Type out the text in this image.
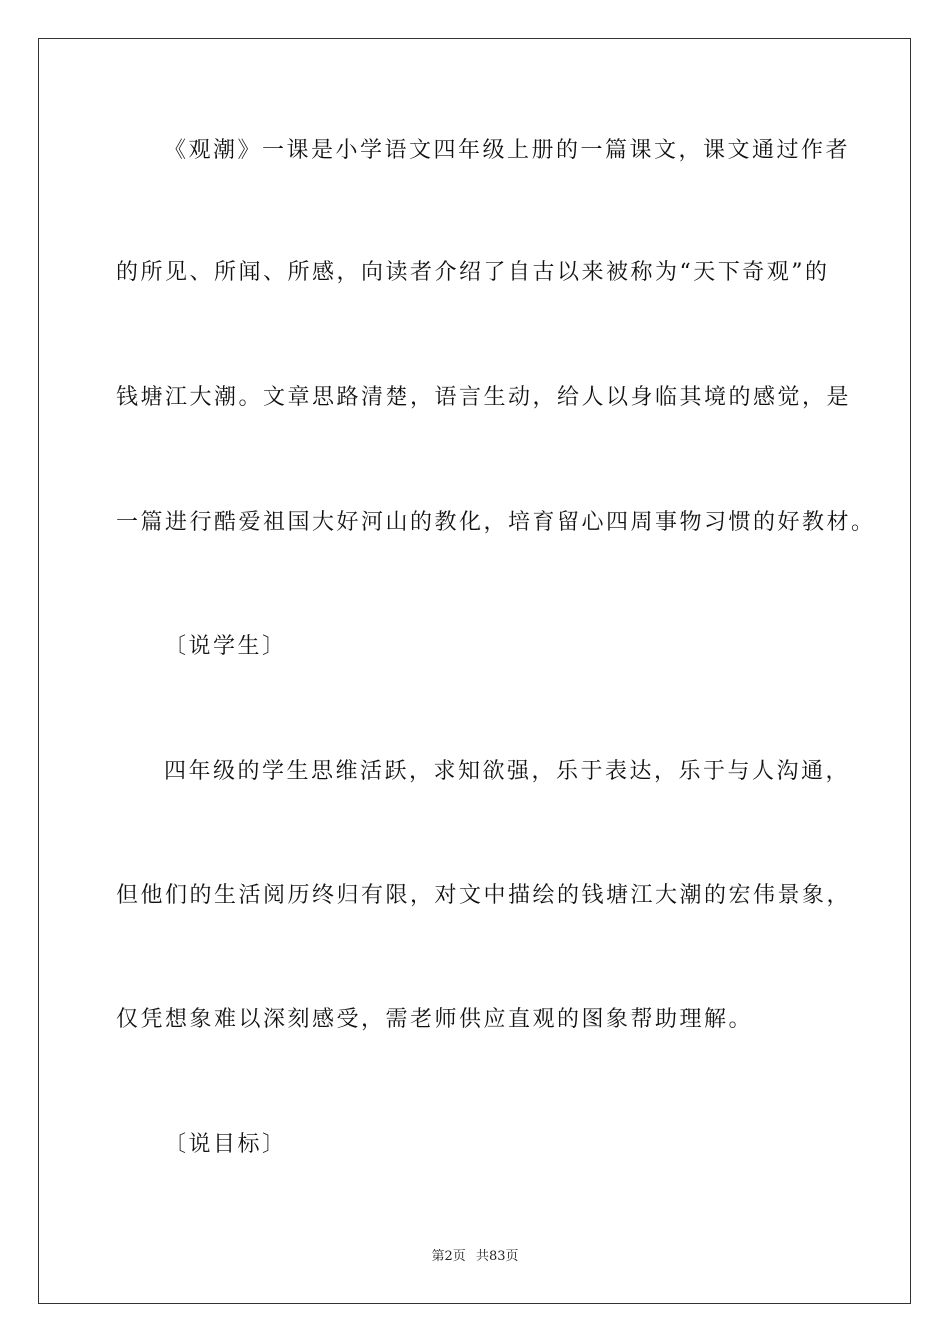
《观潮》一课是小学语文四年级上册的一篇课文，课文通过作者
的所见、所闻、所感，向读者介绍了自古以来被称为“天下奇观”的
钱塘江大潮。文章思路清楚，语言生动，给人以身临其境的感觉，是
一篇进行酷爱祖国大好河山的教化，培育留心四周事物习惯的好教材。
〔说学生〕
四年级的学生思维活跃，求知欲强，乐于表达，乐于与人沟通，
但他们的生活阅历终归有限，对文中描绘的钱塘江大潮的宏伟景象，
仅凭想象难以深刻感受，需老师供应直观的图象帮助理解。
〔说目标〕
第2页 共83页
